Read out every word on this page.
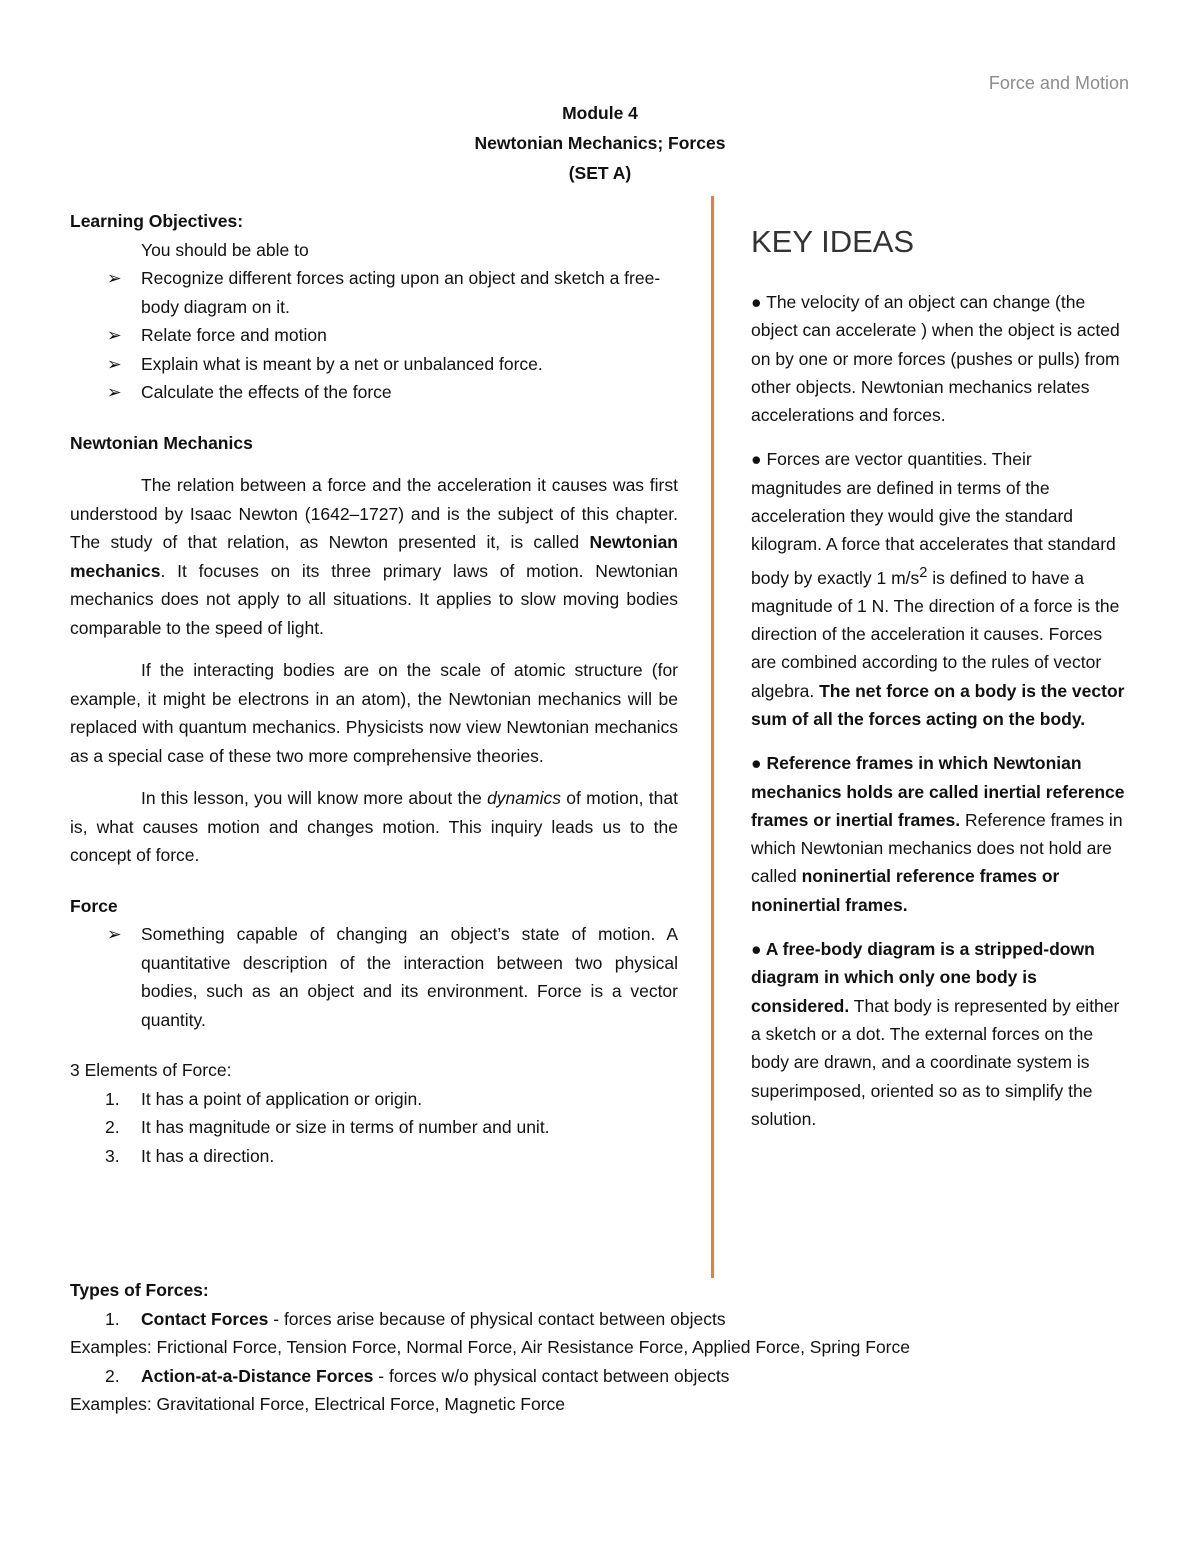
Force and Motion
Module 4
Newtonian Mechanics; Forces
(SET A)
Learning Objectives:
You should be able to
➢ Recognize different forces acting upon an object and sketch a free-body diagram on it.
➢ Relate force and motion
➢ Explain what is meant by a net or unbalanced force.
➢ Calculate the effects of the force
Newtonian Mechanics

The relation between a force and the acceleration it causes was first understood by Isaac Newton (1642–1727) and is the subject of this chapter. The study of that relation, as Newton presented it, is called Newtonian mechanics. It focuses on its three primary laws of motion. Newtonian mechanics does not apply to all situations. It applies to slow moving bodies comparable to the speed of light.

If the interacting bodies are on the scale of atomic structure (for example, it might be electrons in an atom), the Newtonian mechanics will be replaced with quantum mechanics. Physicists now view Newtonian mechanics as a special case of these two more comprehensive theories.

In this lesson, you will know more about the dynamics of motion, that is, what causes motion and changes motion. This inquiry leads us to the concept of force.

Force
➢ Something capable of changing an object’s state of motion. A quantitative description of the interaction between two physical bodies, such as an object and its environment. Force is a vector quantity.
3 Elements of Force:
1. It has a point of application or origin.
2. It has magnitude or size in terms of number and unit.
3. It has a direction.
KEY IDEAS

● The velocity of an object can change (the object can accelerate ) when the object is acted on by one or more forces (pushes or pulls) from other objects. Newtonian mechanics relates accelerations and forces.

● Forces are vector quantities. Their magnitudes are defined in terms of the acceleration they would give the standard kilogram. A force that accelerates that standard body by exactly 1 $m/s^2$ is defined to have a magnitude of 1 N. The direction of a force is the direction of the acceleration it causes. Forces are combined according to the rules of vector algebra. The net force on a body is the vector sum of all the forces acting on the body.

● Reference frames in which Newtonian mechanics holds are called inertial reference frames or inertial frames. Reference frames in which Newtonian mechanics does not hold are called noninertial reference frames or noninertial frames.

● A free-body diagram is a stripped-down diagram in which only one body is considered. That body is represented by either a sketch or a dot. The external forces on the body are drawn, and a coordinate system is superimposed, oriented so as to simplify the solution.

Types of Forces:
1. Contact Forces - forces arise because of physical contact between objects
Examples: Frictional Force, Tension Force, Normal Force, Air Resistance Force, Applied Force, Spring Force
2. Action-at-a-Distance Forces - forces w/o physical contact between objects
Examples: Gravitational Force, Electrical Force, Magnetic Force
